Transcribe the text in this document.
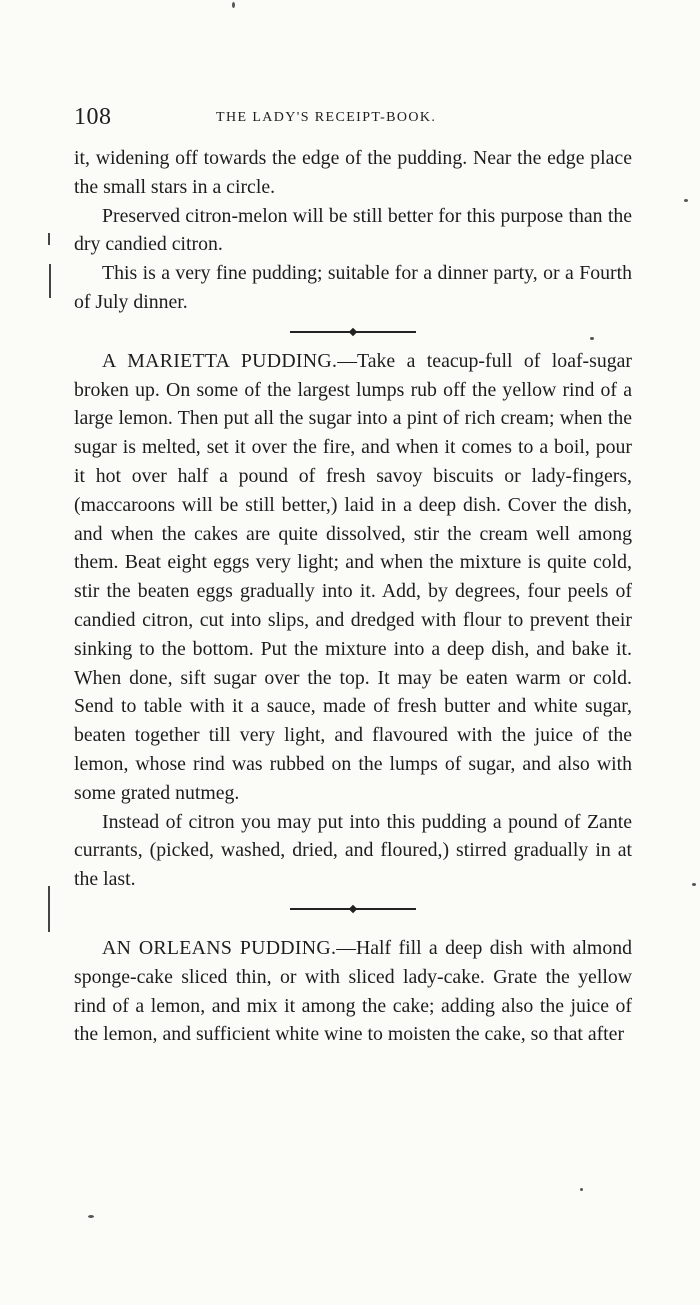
108	THE LADY'S RECEIPT-BOOK.

it, widening off towards the edge of the pudding. Near the edge place the small stars in a circle.

Preserved citron-melon will be still better for this purpose than the dry candied citron.

This is a very fine pudding; suitable for a dinner party, or a Fourth of July dinner.

A MARIETTA PUDDING.—Take a teacup-full of loaf-sugar broken up. On some of the largest lumps rub off the yellow rind of a large lemon. Then put all the sugar into a pint of rich cream; when the sugar is melted, set it over the fire, and when it comes to a boil, pour it hot over half a pound of fresh savoy biscuits or lady-fingers, (maccaroons will be still better,) laid in a deep dish. Cover the dish, and when the cakes are quite dissolved, stir the cream well among them. Beat eight eggs very light; and when the mixture is quite cold, stir the beaten eggs gradually into it. Add, by degrees, four peels of candied citron, cut into slips, and dredged with flour to prevent their sinking to the bottom. Put the mixture into a deep dish, and bake it. When done, sift sugar over the top. It may be eaten warm or cold. Send to table with it a sauce, made of fresh butter and white sugar, beaten together till very light, and flavoured with the juice of the lemon, whose rind was rubbed on the lumps of sugar, and also with some grated nutmeg.

Instead of citron you may put into this pudding a pound of Zante currants, (picked, washed, dried, and floured,) stirred gradually in at the last.

AN ORLEANS PUDDING.—Half fill a deep dish with almond sponge-cake sliced thin, or with sliced lady-cake. Grate the yellow rind of a lemon, and mix it among the cake; adding also the juice of the lemon, and sufficient white wine to moisten the cake, so that after
